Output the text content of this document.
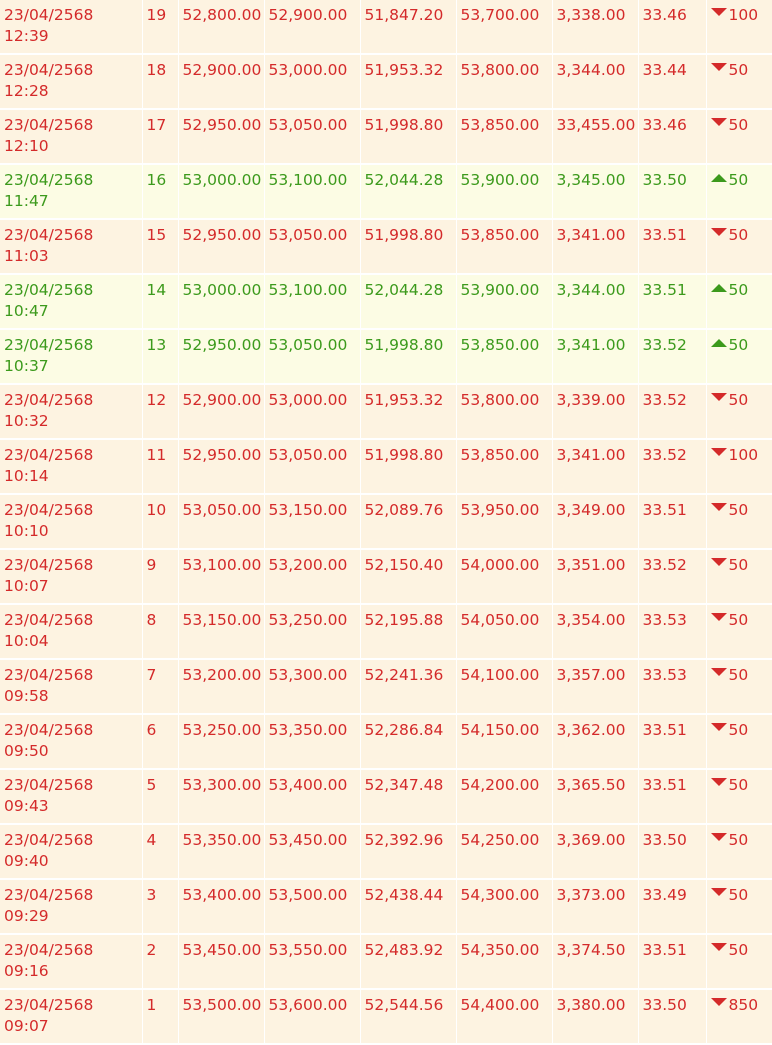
23/04/2568
12:39	19	52,800.00	52,900.00	51,847.20	53,700.00	3,338.00	33.46	100

23/04/2568
12:28	18	52,900.00	53,000.00	51,953.32	53,800.00	3,344.00	33.44	50

23/04/2568
12:10	17	52,950.00	53,050.00	51,998.80	53,850.00	33,455.00	33.46	50

23/04/2568
11:47	16	53,000.00	53,100.00	52,044.28	53,900.00	3,345.00	33.50	50

23/04/2568
11:03	15	52,950.00	53,050.00	51,998.80	53,850.00	3,341.00	33.51	50

23/04/2568
10:47	14	53,000.00	53,100.00	52,044.28	53,900.00	3,344.00	33.51	50

23/04/2568
10:37	13	52,950.00	53,050.00	51,998.80	53,850.00	3,341.00	33.52	50

23/04/2568
10:32	12	52,900.00	53,000.00	51,953.32	53,800.00	3,339.00	33.52	50

23/04/2568
10:14	11	52,950.00	53,050.00	51,998.80	53,850.00	3,341.00	33.52	100

23/04/2568
10:10	10	53,050.00	53,150.00	52,089.76	53,950.00	3,349.00	33.51	50

23/04/2568
10:07	9	53,100.00	53,200.00	52,150.40	54,000.00	3,351.00	33.52	50

23/04/2568
10:04	8	53,150.00	53,250.00	52,195.88	54,050.00	3,354.00	33.53	50

23/04/2568
09:58	7	53,200.00	53,300.00	52,241.36	54,100.00	3,357.00	33.53	50

23/04/2568
09:50	6	53,250.00	53,350.00	52,286.84	54,150.00	3,362.00	33.51	50

23/04/2568
09:43	5	53,300.00	53,400.00	52,347.48	54,200.00	3,365.50	33.51	50

23/04/2568
09:40	4	53,350.00	53,450.00	52,392.96	54,250.00	3,369.00	33.50	50

23/04/2568
09:29	3	53,400.00	53,500.00	52,438.44	54,300.00	3,373.00	33.49	50

23/04/2568
09:16	2	53,450.00	53,550.00	52,483.92	54,350.00	3,374.50	33.51	50

23/04/2568
09:07	1	53,500.00	53,600.00	52,544.56	54,400.00	3,380.00	33.50	850
